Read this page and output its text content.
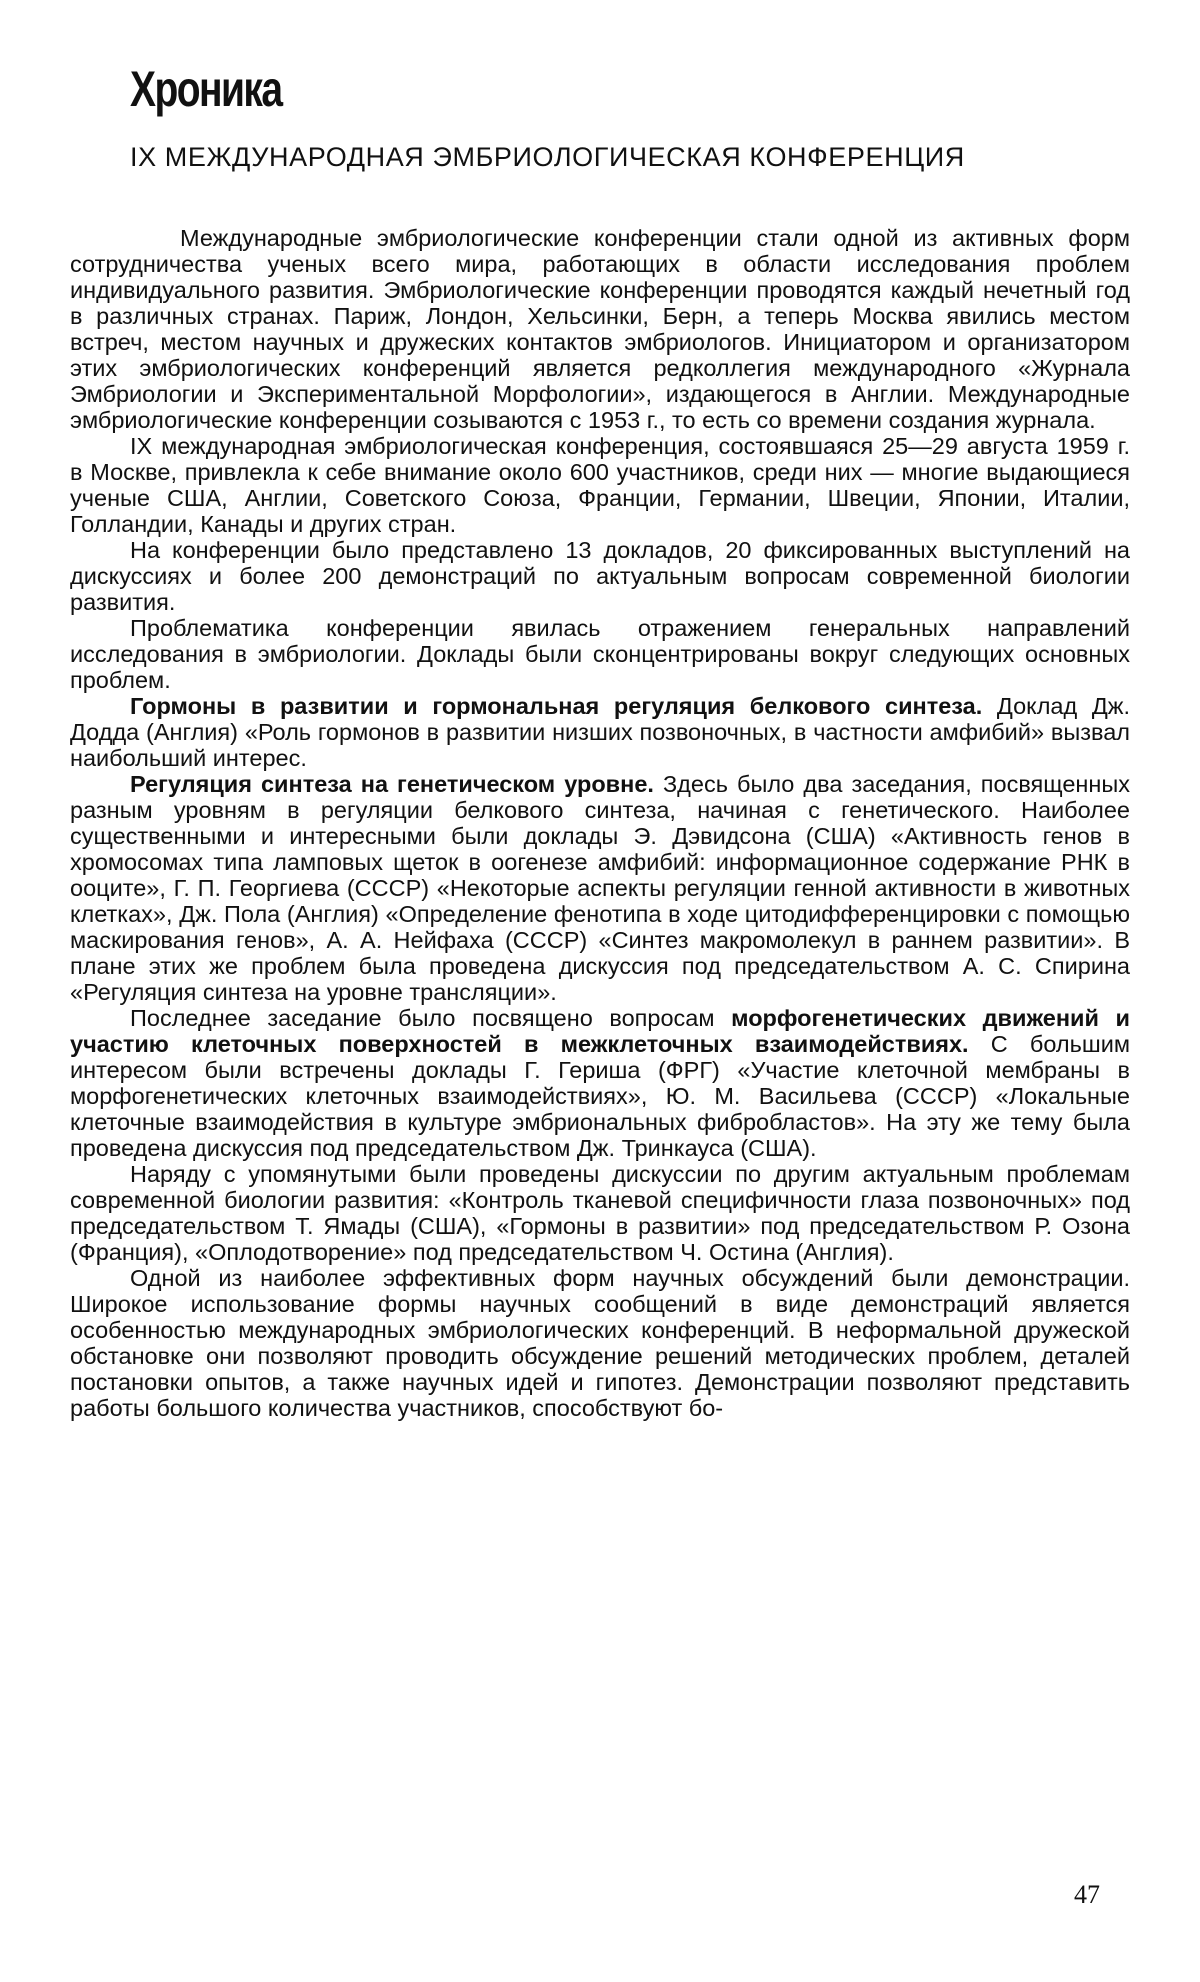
Хроника
IX МЕЖДУНАРОДНАЯ ЭМБРИОЛОГИЧЕСКАЯ КОНФЕРЕНЦИЯ

Международные эмбриологические конференции стали одной из активных форм сотрудничества ученых всего мира, работающих в области исследования проблем индивидуального развития. Эмбриологические конференции проводятся каждый нечетный год в различных странах. Париж, Лондон, Хельсинки, Берн, а теперь Москва явились местом встреч, местом научных и дружеских контактов эмбриологов. Инициатором и организатором этих эмбриологических конференций является редколлегия международного «Журнала Эмбриологии и Экспериментальной Морфологии», издающегося в Англии. Международные эмбриологические конференции созываются с 1953 г., то есть со времени создания журнала.

IX международная эмбриологическая конференция, состоявшаяся 25—29 августа 1959 г. в Москве, привлекла к себе внимание около 600 участников, среди них — многие выдающиеся ученые США, Англии, Советского Союза, Франции, Германии, Швеции, Японии, Италии, Голландии, Канады и других стран.

На конференции было представлено 13 докладов, 20 фиксированных выступлений на дискуссиях и более 200 демонстраций по актуальным вопросам современной биологии развития.

Проблематика конференции явилась отражением генеральных направлений исследования в эмбриологии. Доклады были сконцентрированы вокруг следующих основных проблем.

Гормоны в развитии и гормональная регуляция белкового синтеза. Доклад Дж. Додда (Англия) «Роль гормонов в развитии низших позвоночных, в частности амфибий» вызвал наибольший интерес.

Регуляция синтеза на генетическом уровне. Здесь было два заседания, посвященных разным уровням в регуляции белкового синтеза, начиная с генетического. Наиболее существенными и интересными были доклады Э. Дэвидсона (США) «Активность генов в хромосомах типа ламповых щеток в оогенезе амфибий: информационное содержание РНК в ооците», Г. П. Георгиева (СССР) «Некоторые аспекты регуляции генной активности в животных клетках», Дж. Пола (Англия) «Определение фенотипа в ходе цитодифференцировки с помощью маскирования генов», А. А. Нейфаха (СССР) «Синтез макромолекул в раннем развитии». В плане этих же проблем была проведена дискуссия под председательством А. С. Спирина «Регуляция синтеза на уровне трансляции».

Последнее заседание было посвящено вопросам морфогенетических движений и участию клеточных поверхностей в межклеточных взаимодействиях. С большим интересом были встречены доклады Г. Гериша (ФРГ) «Участие клеточной мембраны в морфогенетических клеточных взаимодействиях», Ю. М. Васильева (СССР) «Локальные клеточные взаимодействия в культуре эмбриональных фибробластов». На эту же тему была проведена дискуссия под председательством Дж. Тринкауса (США).

Наряду с упомянутыми были проведены дискуссии по другим актуальным проблемам современной биологии развития: «Контроль тканевой специфичности глаза позвоночных» под председательством Т. Ямады (США), «Гормоны в развитии» под председательством Р. Озона (Франция), «Оплодотворение» под председательством Ч. Остина (Англия).

Одной из наиболее эффективных форм научных обсуждений были демонстрации. Широкое использование формы научных сообщений в виде демонстраций является особенностью международных эмбриологических конференций. В неформальной дружеской обстановке они позволяют проводить обсуждение решений методических проблем, деталей постановки опытов, а также научных идей и гипотез. Демонстрации позволяют представить работы большого количества участников, способствуют бо-

47
